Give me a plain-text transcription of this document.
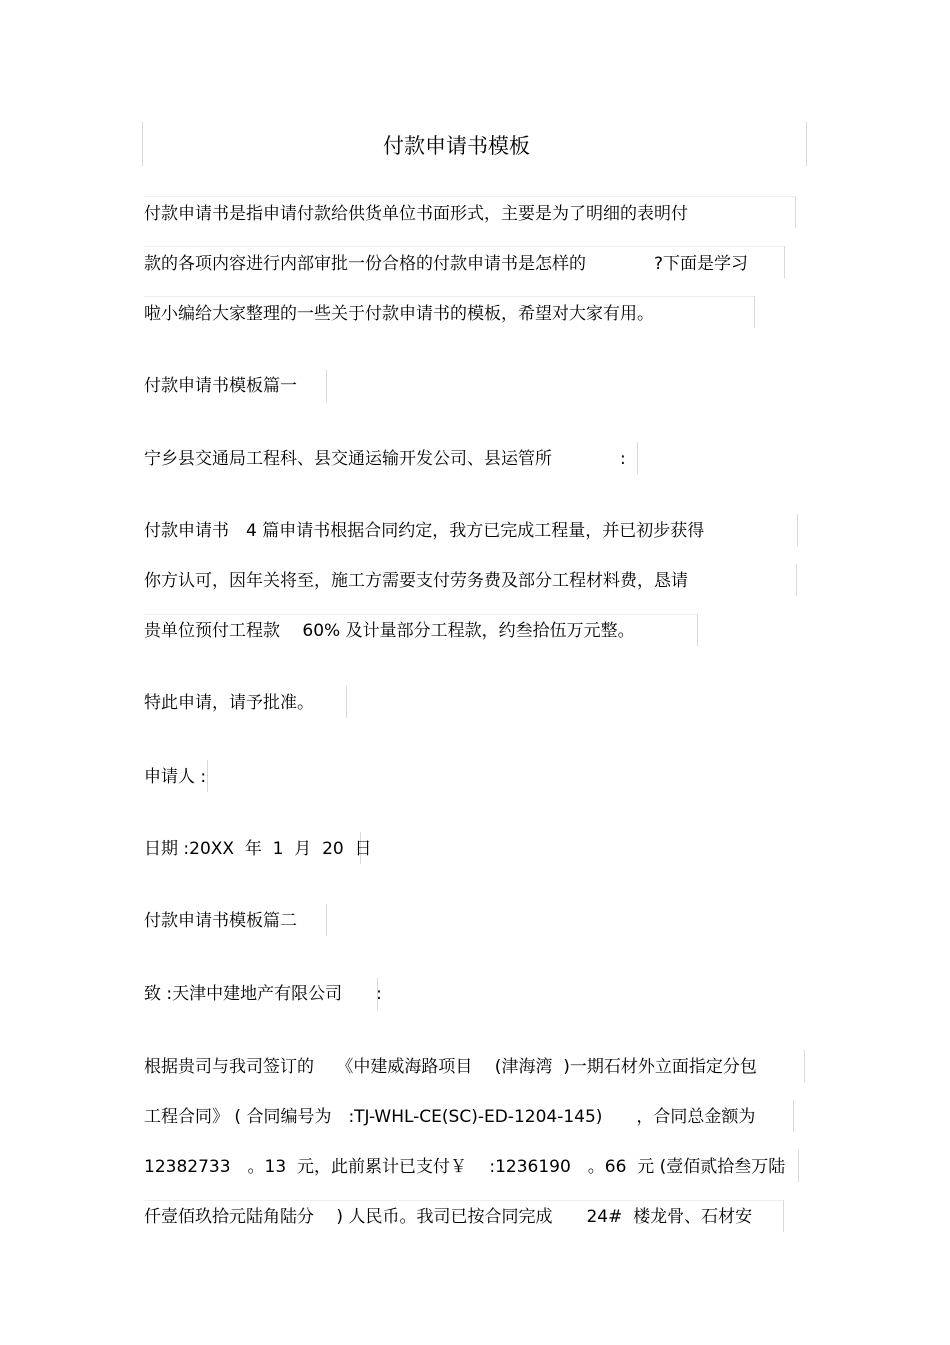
付款申请书模板
付款申请书是指申请付款给供货单位书面形式，主要是为了明细的表明付
款的各项内容进行内部审批一份合格的付款申请书是怎样的　　　　?下面是学习
啦小编给大家整理的一些关于付款申请书的模板，希望对大家有用。
付款申请书模板篇一
宁乡县交通局工程科、县交通运输开发公司、县运管所　　　　:
付款申请书　4 篇申请书根据合同约定，我方已完成工程量，并已初步获得
你方认可，因年关将至，施工方需要支付劳务费及部分工程材料费，恳请
贵单位预付工程款　 60% 及计量部分工程款，约叁拾伍万元整。
特此申请，请予批准。
申请人 :
日期 :20XX  年  1  月  20  日
付款申请书模板篇二
致 :天津中建地产有限公司　　:
根据贵司与我司签订的　 《中建威海路项目　 (津海湾  )一期石材外立面指定分包
工程合同》 ( 合同编号为　:TJ-WHL-CE(SC)-ED-1204-145)　　，合同总金额为
12382733　。13  元，此前累计已支付￥　 :1236190　。66  元 (壹佰贰拾叁万陆
仟壹佰玖拾元陆角陆分　 ) 人民币。我司已按合同完成　　24#  楼龙骨、石材安
